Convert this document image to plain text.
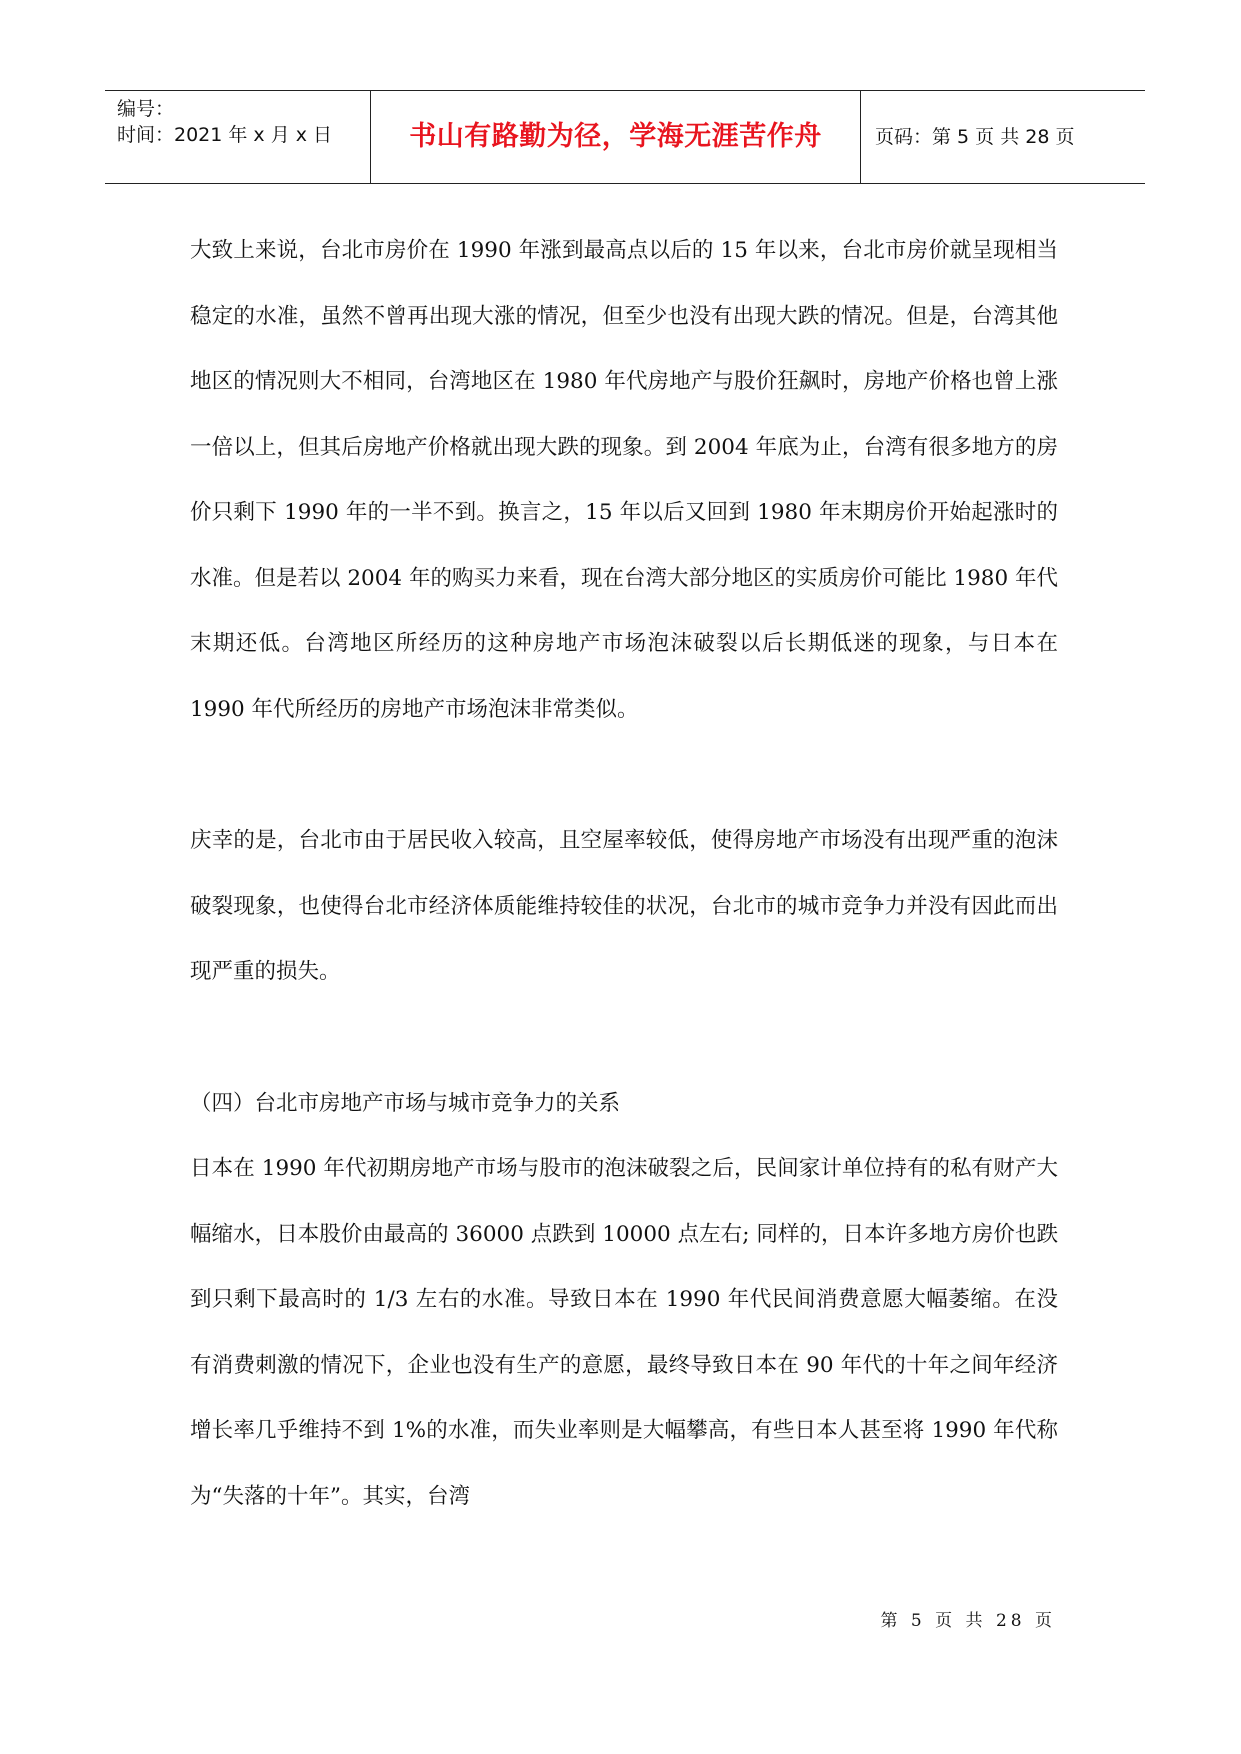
编号：
时间：2021 年 x 月 x 日	书山有路勤为径，学海无涯苦作舟	页码：第 5 页 共 28 页

大致上来说，台北市房价在 1990 年涨到最高点以后的 15 年以来，台北市房价就呈现相当稳定的水准，虽然不曾再出现大涨的情况，但至少也没有出现大跌的情况。但是，台湾其他地区的情况则大不相同，台湾地区在 1980 年代房地产与股价狂飙时，房地产价格也曾上涨一倍以上，但其后房地产价格就出现大跌的现象。到 2004 年底为止，台湾有很多地方的房价只剩下 1990 年的一半不到。换言之，15 年以后又回到 1980 年末期房价开始起涨时的水准。但是若以 2004 年的购买力来看，现在台湾大部分地区的实质房价可能比 1980 年代末期还低。台湾地区所经历的这种房地产市场泡沫破裂以后长期低迷的现象，与日本在 1990 年代所经历的房地产市场泡沫非常类似。

庆幸的是，台北市由于居民收入较高，且空屋率较低，使得房地产市场没有出现严重的泡沫破裂现象，也使得台北市经济体质能维持较佳的状况，台北市的城市竞争力并没有因此而出现严重的损失。

（四）台北市房地产市场与城市竞争力的关系

日本在 1990 年代初期房地产市场与股市的泡沫破裂之后，民间家计单位持有的私有财产大幅缩水，日本股价由最高的 36000 点跌到 10000 点左右; 同样的，日本许多地方房价也跌到只剩下最高时的 1/3 左右的水准。导致日本在 1990 年代民间消费意愿大幅萎缩。在没有消费刺激的情况下，企业也没有生产的意愿，最终导致日本在 90 年代的十年之间年经济增长率几乎维持不到 1%的水准，而失业率则是大幅攀高，有些日本人甚至将 1990 年代称为“失落的十年”。其实，台湾

第 5 页 共 28 页
